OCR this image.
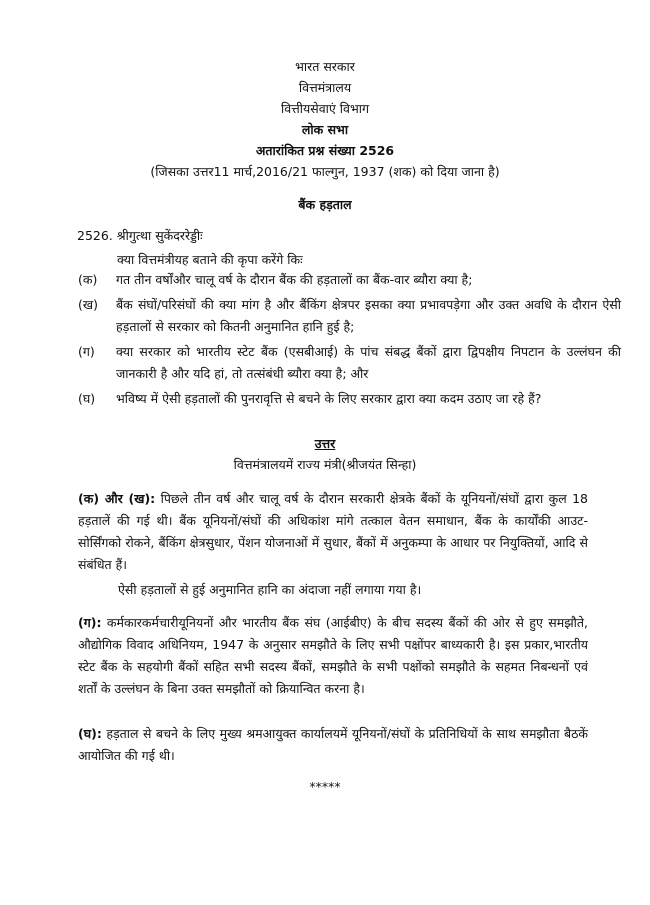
भारत सरकार
वित्तमंत्रालय
वित्तीयसेवाएं विभाग
लोक सभा
अतारांकित प्रश्न संख्या 2526
(जिसका उत्तर11 मार्च,2016/21 फाल्गुन, 1937 (शक) को दिया जाना है)
बैंक हड़ताल
2526. श्रीगुत्था सुकेंदररेड्डीः
क्या वित्तमंत्रीयह बताने की कृपा करेंगे किः
(क)	गत तीन वर्षोंऔर चालू वर्ष के दौरान बैंक की हड़तालों का बैंक-वार ब्यौरा क्या है;
(ख)	बैंक संघों/परिसंघों की क्या मांग है और बैंकिंग क्षेत्रपर इसका क्या प्रभावपड़ेगा और उक्त अवधि के दौरान ऐसी हड़तालों से सरकार को कितनी अनुमानित हानि हुई है;
(ग)	क्या सरकार को भारतीय स्टेट बैंक (एसबीआई) के पांच संबद्ध बैंकों द्वारा द्विपक्षीय निपटान के उल्लंघन की जानकारी है और यदि हां, तो तत्संबंधी ब्यौरा क्या है; और
(घ)	भविष्य में ऐसी हड़तालों की पुनरावृत्ति से बचने के लिए सरकार द्वारा क्या कदम उठाए जा रहे हैं?
उत्तर
वित्तमंत्रालयमें राज्य मंत्री(श्रीजयंत सिन्हा)
(क) और (ख): पिछले तीन वर्ष और चालू वर्ष के दौरान सरकारी क्षेत्रके बैंकों के यूनियनों/संघों द्वारा कुल 18 हड़तालें की गई थी। बैंक यूनियनों/संघों की अधिकांश मांगे तत्काल वेतन समाधान, बैंक के कार्योंकी आउट-सोर्सिंगको रोकने, बैंकिंग क्षेत्रसुधार, पेंशन योजनाओं में सुधार, बैंकों में अनुकम्पा के आधार पर नियुक्तियों, आदि से संबंधित हैं।
ऐसी हड़तालों से हुई अनुमानित हानि का अंदाजा नहीं लगाया गया है।
(ग): कर्मकारकर्मचारीयूनियनों और भारतीय बैंक संघ (आईबीए) के बीच सदस्य बैंकों की ओर से हुए समझौते, औद्योगिक विवाद अधिनियम, 1947 के अनुसार समझौते के लिए सभी पक्षोंपर बाध्यकारी है। इस प्रकार,भारतीय स्टेट बैंक के सहयोगी बैंकों सहित सभी सदस्य बैंकों, समझौते के सभी पक्षोंको समझौते के सहमत निबन्धनों एवं शर्तों के उल्लंघन के बिना उक्त समझौतों को क्रियान्वित करना है।
(घ): हड़ताल से बचने के लिए मुख्य श्रमआयुक्त कार्यालयमें यूनियनों/संघों के प्रतिनिधियों के साथ समझौता बैठकें आयोजित की गई थी।
*****
